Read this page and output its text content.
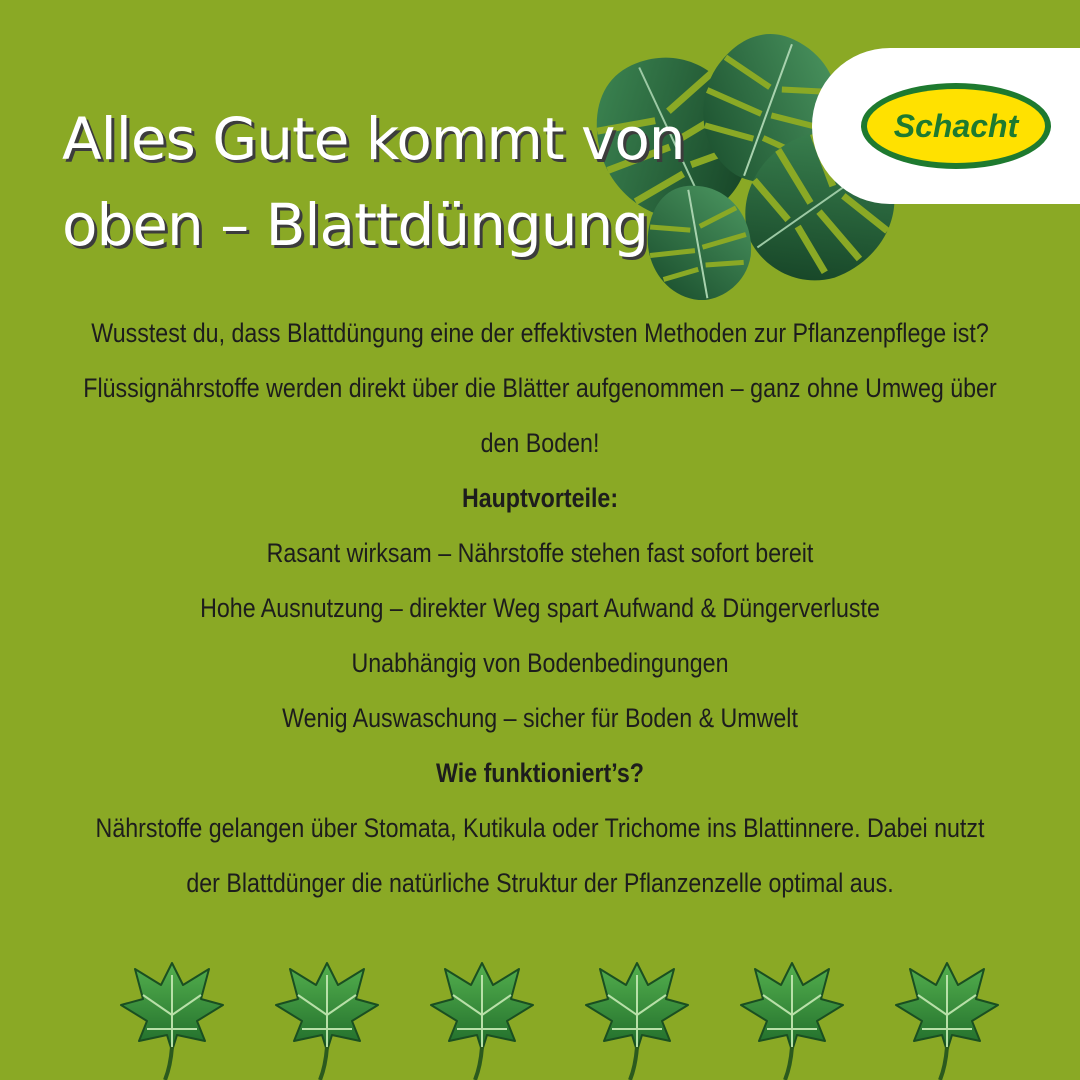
Schacht
Alles Gute kommt von
oben – Blattdüngung

Wusstest du, dass Blattdüngung eine der effektivsten Methoden zur Pflanzenpflege ist?

Flüssignährstoffe werden direkt über die Blätter aufgenommen – ganz ohne Umweg über

den Boden!

Hauptvorteile:

Rasant wirksam – Nährstoffe stehen fast sofort bereit

Hohe Ausnutzung – direkter Weg spart Aufwand & Düngerverluste

Unabhängig von Bodenbedingungen

Wenig Auswaschung – sicher für Boden & Umwelt

Wie funktioniert’s?

Nährstoffe gelangen über Stomata, Kutikula oder Trichome ins Blattinnere. Dabei nutzt

der Blattdünger die natürliche Struktur der Pflanzenzelle optimal aus.
